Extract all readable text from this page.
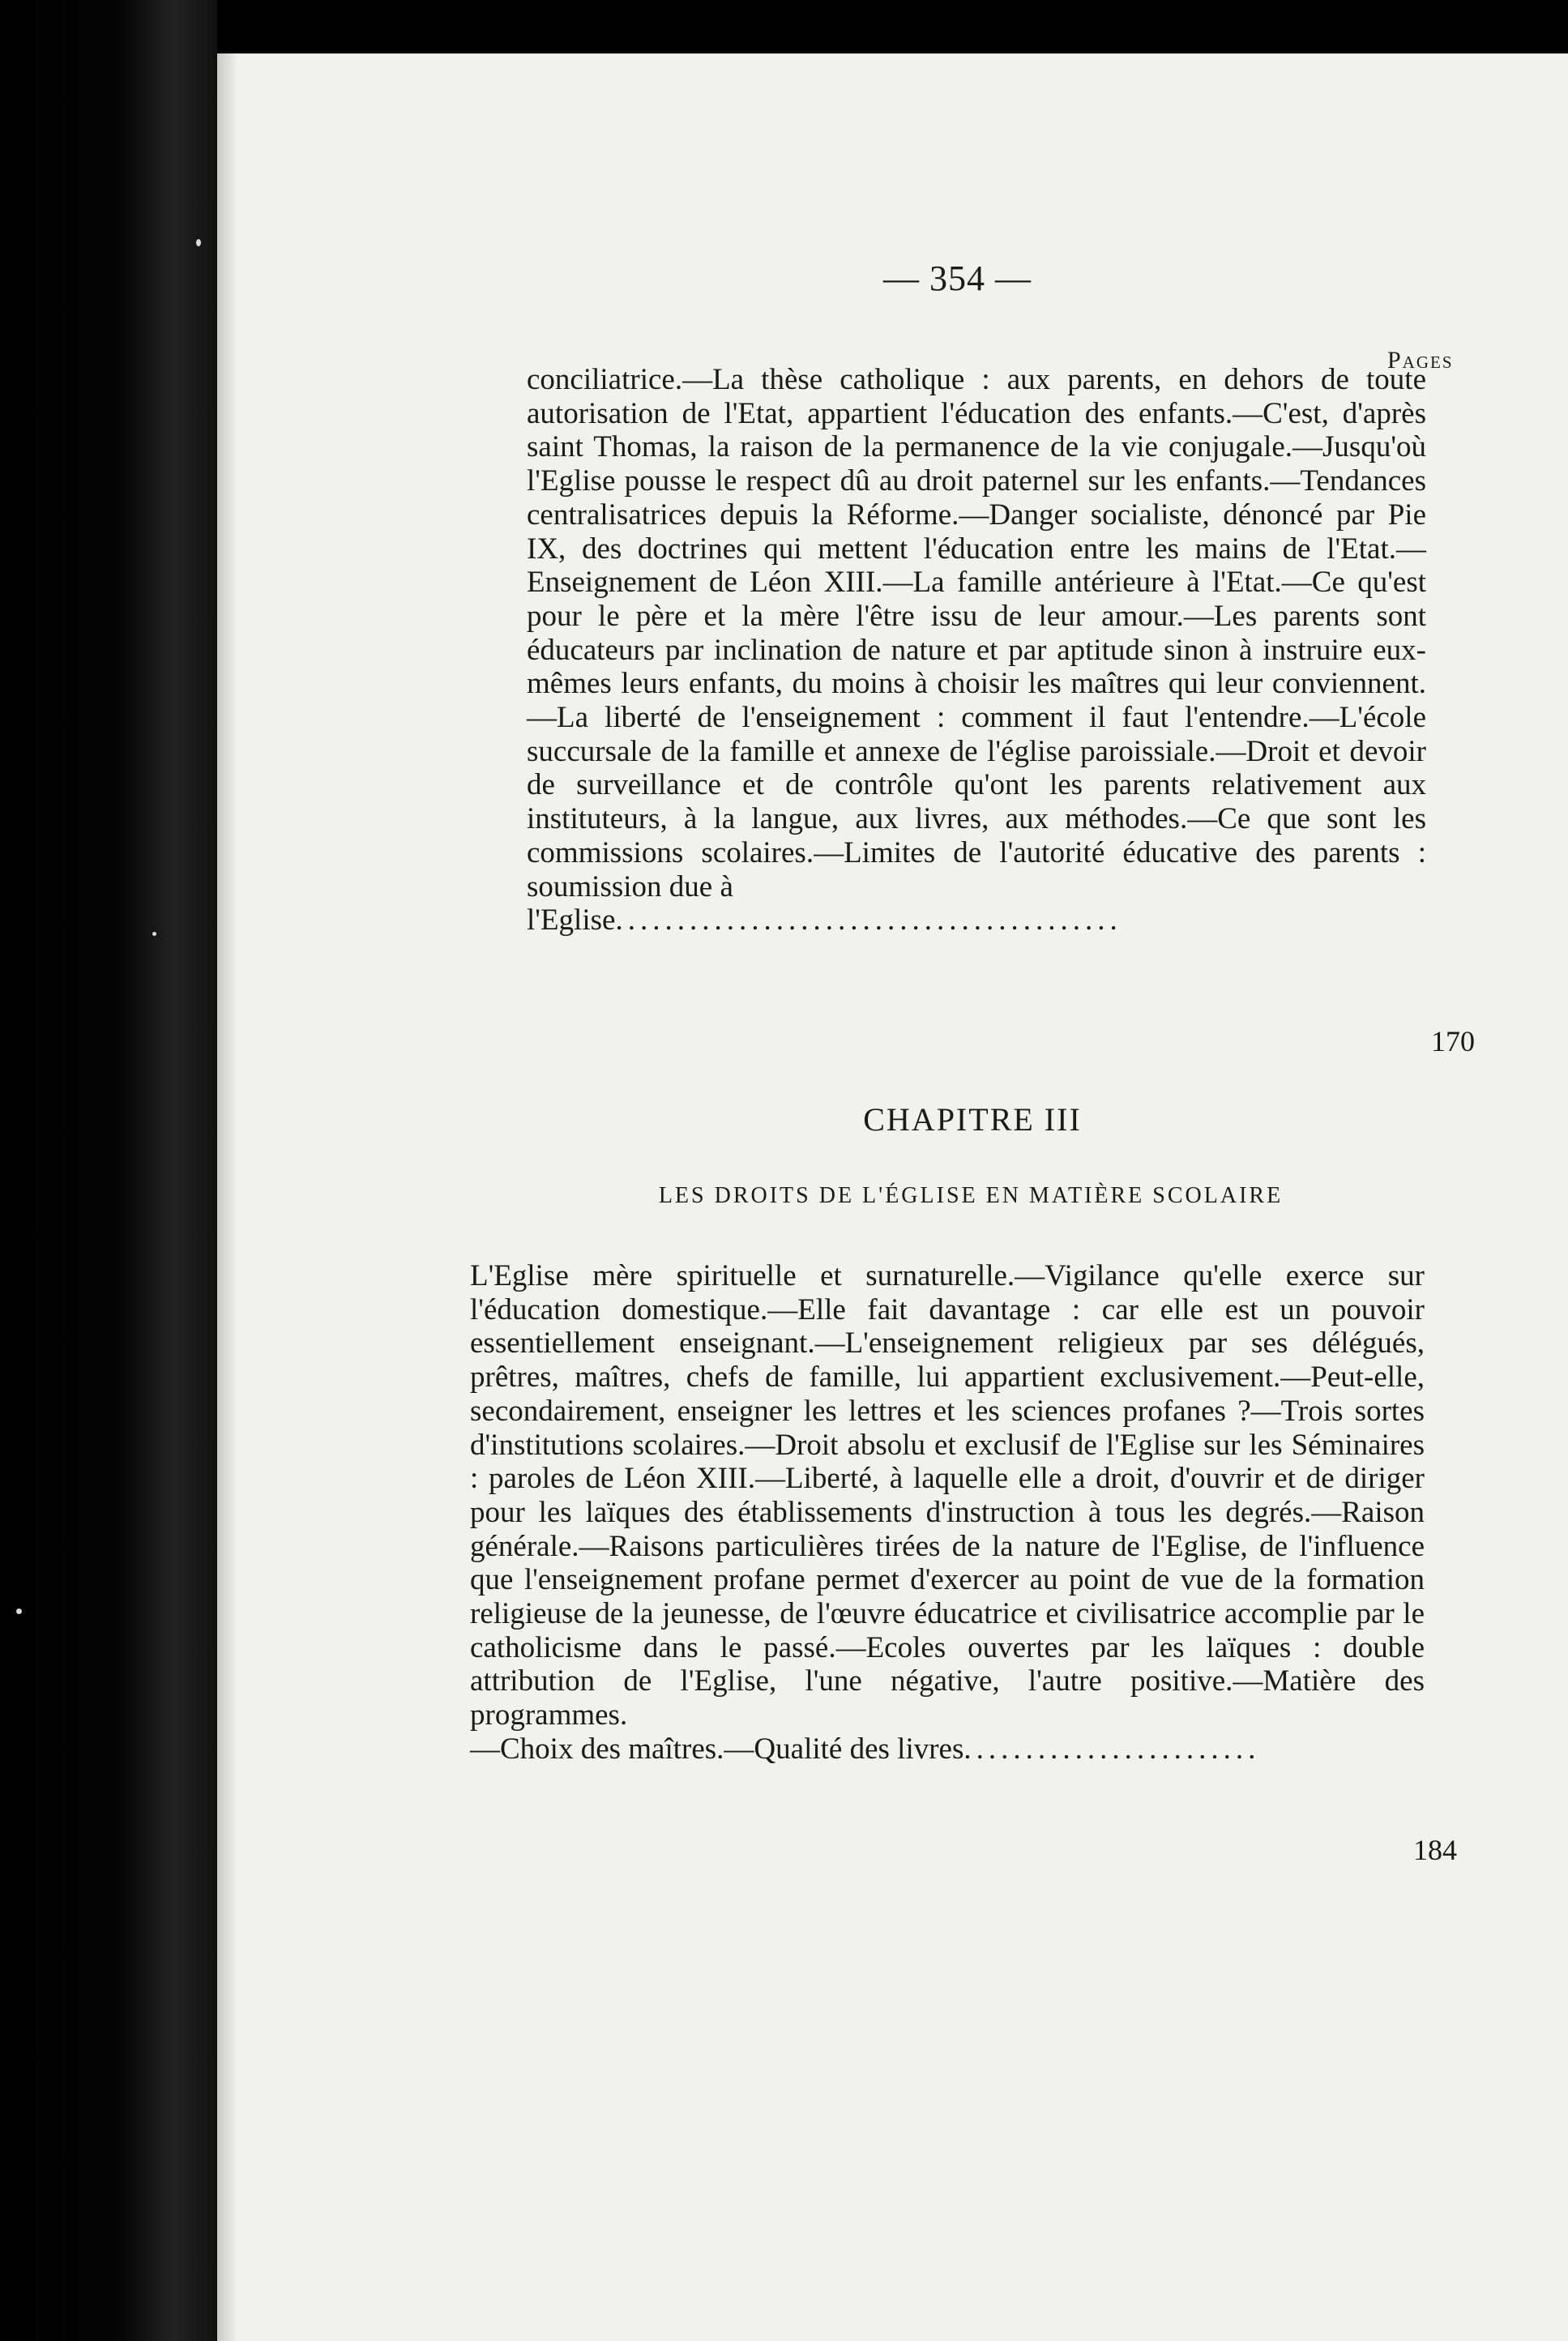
— 354 —
Pages
conciliatrice.—La thèse catholique : aux parents, en dehors de toute autorisation de l'Etat, appartient l'éducation des enfants.—C'est, d'après saint Thomas, la raison de la permanence de la vie conjugale.—Jusqu'où l'Eglise pousse le respect dû au droit paternel sur les enfants.—Tendances centralisatrices depuis la Réforme.—Danger socialiste, dénoncé par Pie IX, des doctrines qui mettent l'éducation entre les mains de l'Etat.—Enseignement de Léon XIII.—La famille antérieure à l'Etat.—Ce qu'est pour le père et la mère l'être issu de leur amour.—Les parents sont éducateurs par inclination de nature et par aptitude sinon à instruire eux-mêmes leurs enfants, du moins à choisir les maîtres qui leur conviennent.—La liberté de l'enseignement : comment il faut l'entendre.—L'école succursale de la famille et annexe de l'église paroissiale.—Droit et devoir de surveillance et de contrôle qu'ont les parents relativement aux instituteurs, à la langue, aux livres, aux méthodes.—Ce que sont les commissions scolaires.—Limites de l'autorité éducative des parents : soumission due à
l'Eglise.........................................
170
CHAPITRE III
LES DROITS DE L'ÉGLISE EN MATIÈRE SCOLAIRE
L'Eglise mère spirituelle et surnaturelle.—Vigilance qu'elle exerce sur l'éducation domestique.—Elle fait davantage : car elle est un pouvoir essentiellement enseignant.—L'enseignement religieux par ses délégués, prêtres, maîtres, chefs de famille, lui appartient exclusivement.—Peut-elle, secondairement, enseigner les lettres et les sciences profanes ?—Trois sortes d'institutions scolaires.—Droit absolu et exclusif de l'Eglise sur les Séminaires : paroles de Léon XIII.—Liberté, à laquelle elle a droit, d'ouvrir et de diriger pour les laïques des établissements d'instruction à tous les degrés.—Raison générale.—Raisons particulières tirées de la nature de l'Eglise, de l'influence que l'enseignement profane permet d'exercer au point de vue de la formation religieuse de la jeunesse, de l'œuvre éducatrice et civilisatrice accomplie par le catholicisme dans le passé.—Ecoles ouvertes par les laïques : double attribution de l'Eglise, l'une négative, l'autre positive.—Matière des programmes.
—Choix des maîtres.—Qualité des livres........................
184
